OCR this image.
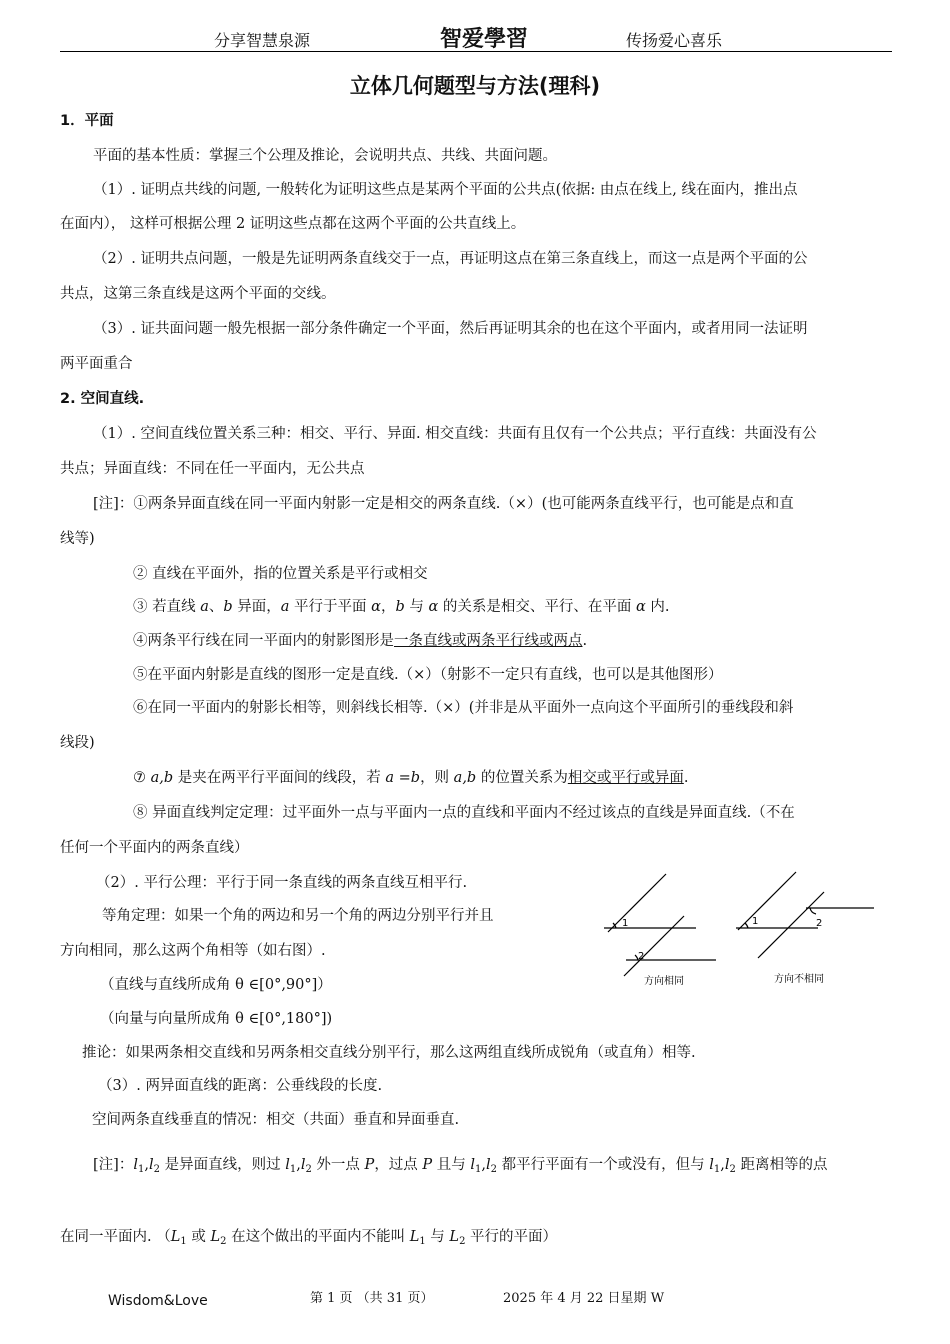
分享智慧泉源	智爱學習	传扬爱心喜乐
立体几何题型与方法(理科)
1．平面
平面的基本性质：掌握三个公理及推论，会说明共点、共线、共面问题。
（1）. 证明点共线的问题, 一般转化为证明这些点是某两个平面的公共点(依据: 由点在线上, 线在面内，推出点
在面内）， 这样可根据公理 2 证明这些点都在这两个平面的公共直线上。
（2）. 证明共点问题，一般是先证明两条直线交于一点，再证明这点在第三条直线上，而这一点是两个平面的公
共点，这第三条直线是这两个平面的交线。
（3）. 证共面问题一般先根据一部分条件确定一个平面，然后再证明其余的也在这个平面内，或者用同一法证明
两平面重合
2. 空间直线.
（1）. 空间直线位置关系三种：相交、平行、异面. 相交直线：共面有且仅有一个公共点；平行直线：共面没有公
共点；异面直线：不同在任一平面内，无公共点
[注]：①两条异面直线在同一平面内射影一定是相交的两条直线.（×）(也可能两条直线平行，也可能是点和直
线等)
② 直线在平面外，指的位置关系是平行或相交
③ 若直线 a、b 异面，a 平行于平面 α，b 与 α 的关系是相交、平行、在平面 α 内.
④两条平行线在同一平面内的射影图形是一条直线或两条平行线或两点.
⑤在平面内射影是直线的图形一定是直线.（×）（射影不一定只有直线，也可以是其他图形）
⑥在同一平面内的射影长相等，则斜线长相等.（×）(并非是从平面外一点向这个平面所引的垂线段和斜
线段)
⑦ a,b 是夹在两平行平面间的线段，若 a =b，则 a,b 的位置关系为相交或平行或异面.
⑧ 异面直线判定定理：过平面外一点与平面内一点的直线和平面内不经过该点的直线是异面直线.（不在
任何一个平面内的两条直线）
（2）. 平行公理：平行于同一条直线的两条直线互相平行.
等角定理：如果一个角的两边和另一个角的两边分别平行并且
方向相同，那么这两个角相等（如右图）.
（直线与直线所成角 θ ∈[0°,90°]）
（向量与向量所成角 θ ∈[0°,180°])
推论：如果两条相交直线和另两条相交直线分别平行，那么这两组直线所成锐角（或直角）相等.
（3）. 两异面直线的距离：公垂线段的长度.
空间两条直线垂直的情况：相交（共面）垂直和异面垂直.
[注]：$l_1,l_2$ 是异面直线，则过 $l_1,l_2$ 外一点 P，过点 P 且与 $l_1,l_2$ 都平行平面有一个或没有，但与 $l_1,l_2$ 距离相等的点
在同一平面内. （$L_1$ 或 $L_2$ 在这个做出的平面内不能叫 $L_1$ 与 $L_2$ 平行的平面）
1
2
1	2
方向相同	方向不相同
Wisdom&Love	第 1 页 （共 31 页）	2025 年 4 月 22 日星期 W
